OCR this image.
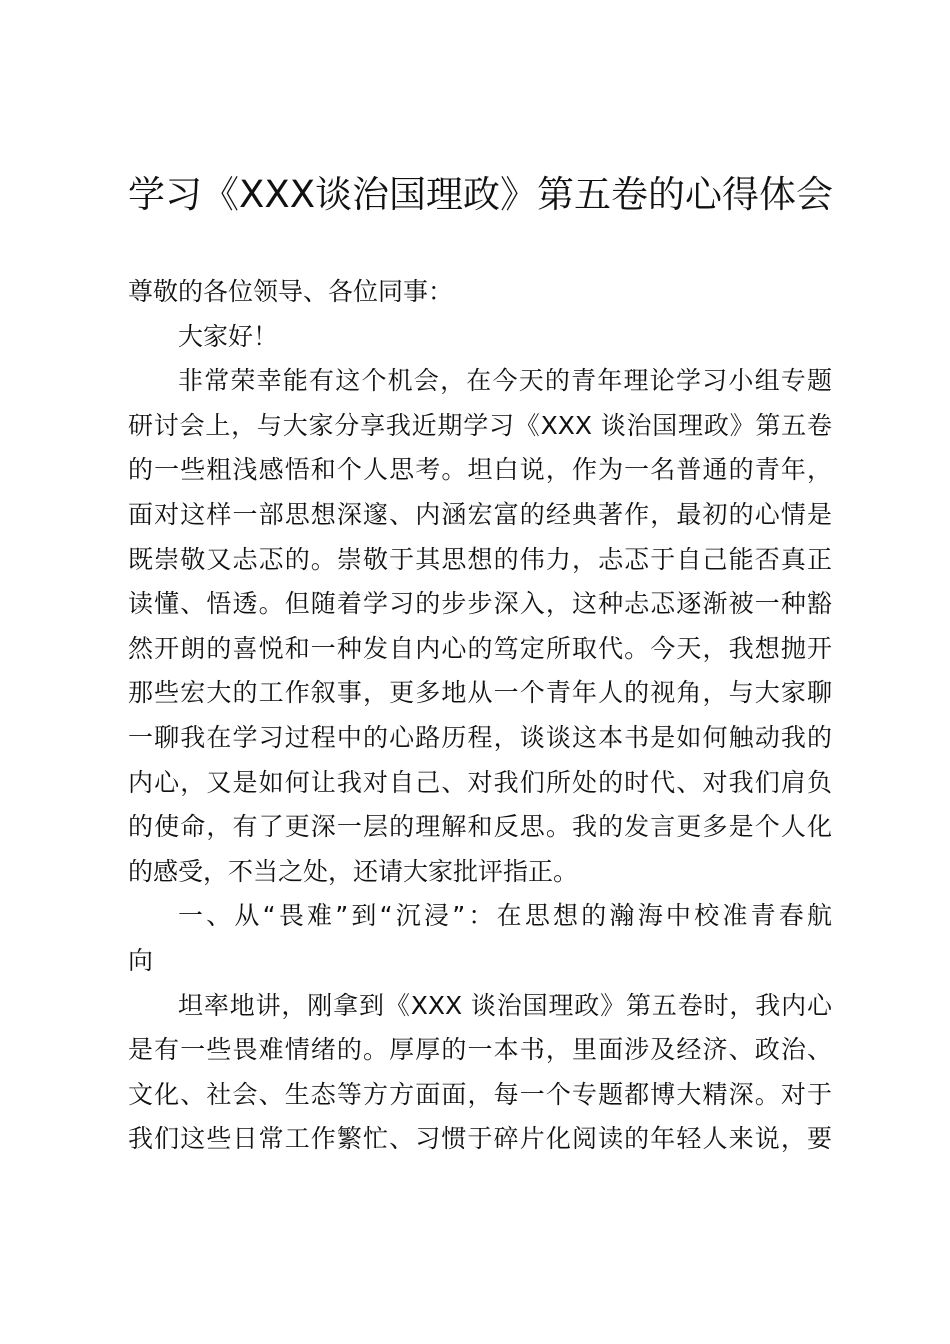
学习《XXX谈治国理政》第五卷的心得体会
尊敬的各位领导、各位同事：
大家好！
非常荣幸能有这个机会，在今天的青年理论学习小组专题
研讨会上，与大家分享我近期学习《XXX 谈治国理政》第五卷
的一些粗浅感悟和个人思考。坦白说，作为一名普通的青年，
面对这样一部思想深邃、内涵宏富的经典著作，最初的心情是
既崇敬又忐忑的。崇敬于其思想的伟力，忐忑于自己能否真正
读懂、悟透。但随着学习的步步深入，这种忐忑逐渐被一种豁
然开朗的喜悦和一种发自内心的笃定所取代。今天，我想抛开
那些宏大的工作叙事，更多地从一个青年人的视角，与大家聊
一聊我在学习过程中的心路历程，谈谈这本书是如何触动我的
内心，又是如何让我对自己、对我们所处的时代、对我们肩负
的使命，有了更深一层的理解和反思。我的发言更多是个人化
的感受，不当之处，还请大家批评指正。
一、从“畏难”到“沉浸”：在思想的瀚海中校准青春航
向
坦率地讲，刚拿到《XXX 谈治国理政》第五卷时，我内心
是有一些畏难情绪的。厚厚的一本书，里面涉及经济、政治、
文化、社会、生态等方方面面，每一个专题都博大精深。对于
我们这些日常工作繁忙、习惯于碎片化阅读的年轻人来说，要
